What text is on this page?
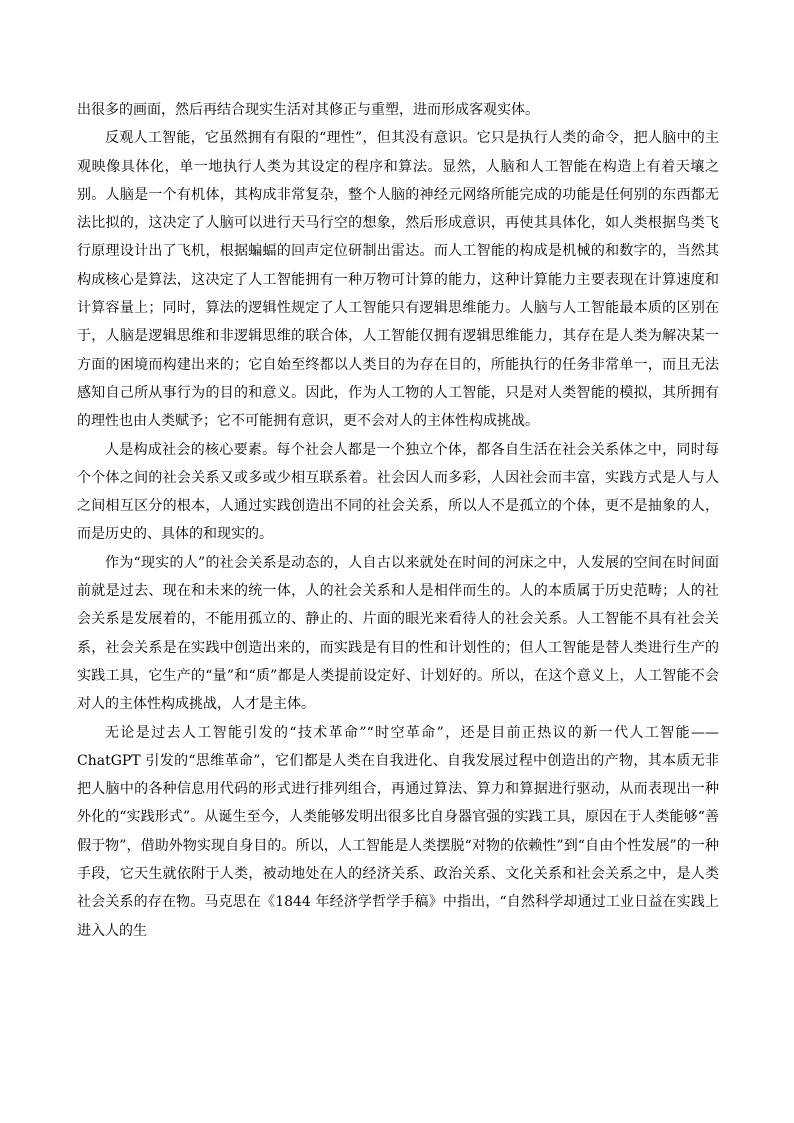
出很多的画面，然后再结合现实生活对其修正与重塑，进而形成客观实体。

反观人工智能，它虽然拥有有限的“理性”，但其没有意识。它只是执行人类的命令，把人脑中的主观映像具体化，单一地执行人类为其设定的程序和算法。显然，人脑和人工智能在构造上有着天壤之别。人脑是一个有机体，其构成非常复杂，整个人脑的神经元网络所能完成的功能是任何别的东西都无法比拟的，这决定了人脑可以进行天马行空的想象，然后形成意识，再使其具体化，如人类根据鸟类飞行原理设计出了飞机，根据蝙蝠的回声定位研制出雷达。而人工智能的构成是机械的和数字的，当然其构成核心是算法，这决定了人工智能拥有一种万物可计算的能力，这种计算能力主要表现在计算速度和计算容量上；同时，算法的逻辑性规定了人工智能只有逻辑思维能力。人脑与人工智能最本质的区别在于，人脑是逻辑思维和非逻辑思维的联合体，人工智能仅拥有逻辑思维能力，其存在是人类为解决某一方面的困境而构建出来的；它自始至终都以人类目的为存在目的，所能执行的任务非常单一，而且无法感知自己所从事行为的目的和意义。因此，作为人工物的人工智能，只是对人类智能的模拟，其所拥有的理性也由人类赋予；它不可能拥有意识，更不会对人的主体性构成挑战。

人是构成社会的核心要素。每个社会人都是一个独立个体，都各自生活在社会关系体之中，同时每个个体之间的社会关系又或多或少相互联系着。社会因人而多彩，人因社会而丰富，实践方式是人与人之间相互区分的根本，人通过实践创造出不同的社会关系，所以人不是孤立的个体，更不是抽象的人，而是历史的、具体的和现实的。

作为“现实的人”的社会关系是动态的，人自古以来就处在时间的河床之中，人发展的空间在时间面前就是过去、现在和未来的统一体，人的社会关系和人是相伴而生的。人的本质属于历史范畴；人的社会关系是发展着的，不能用孤立的、静止的、片面的眼光来看待人的社会关系。人工智能不具有社会关系，社会关系是在实践中创造出来的，而实践是有目的性和计划性的；但人工智能是替人类进行生产的实践工具，它生产的“量”和“质”都是人类提前设定好、计划好的。所以，在这个意义上，人工智能不会对人的主体性构成挑战，人才是主体。

无论是过去人工智能引发的“技术革命”“时空革命”，还是目前正热议的新一代人工智能——ChatGPT 引发的“思维革命”，它们都是人类在自我进化、自我发展过程中创造出的产物，其本质无非把人脑中的各种信息用代码的形式进行排列组合，再通过算法、算力和算据进行驱动，从而表现出一种外化的“实践形式”。从诞生至今，人类能够发明出很多比自身器官强的实践工具，原因在于人类能够“善假于物”，借助外物实现自身目的。所以，人工智能是人类摆脱“对物的依赖性”到“自由个性发展”的一种手段，它天生就依附于人类，被动地处在人的经济关系、政治关系、文化关系和社会关系之中，是人类社会关系的存在物。马克思在《1844 年经济学哲学手稿》中指出，“自然科学却通过工业日益在实践上进入人的生
